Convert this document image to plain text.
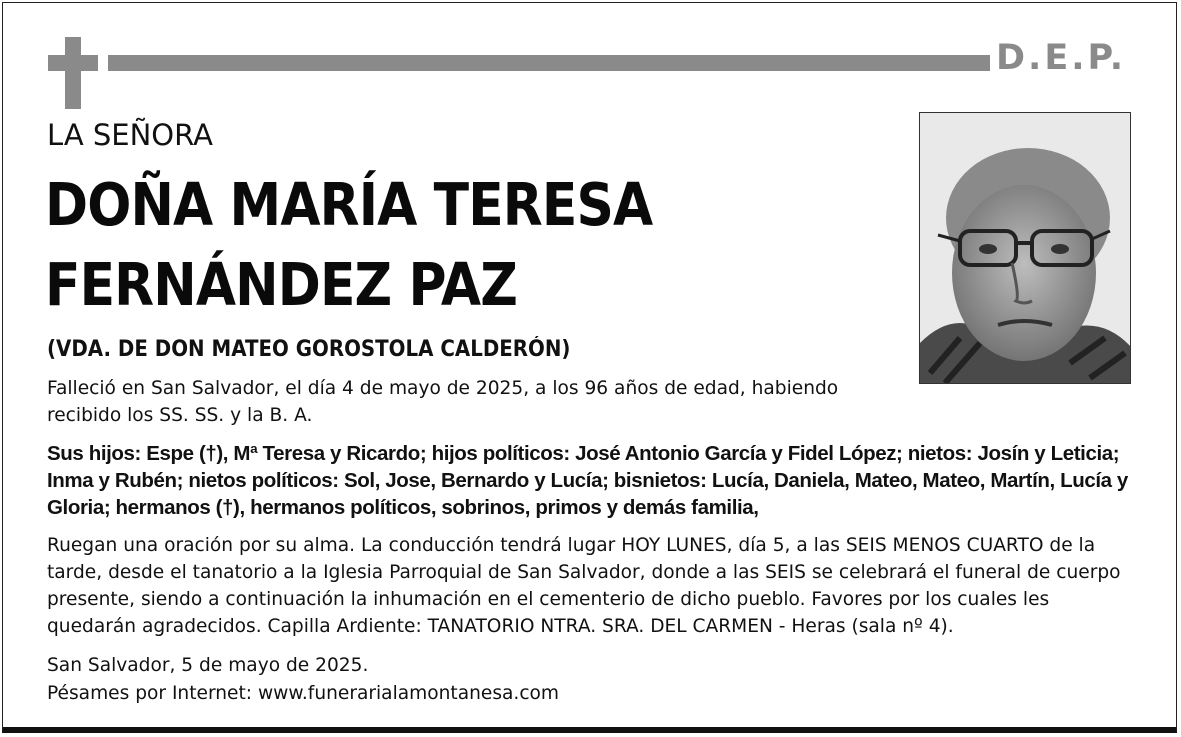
D.E.P.
LA SEÑORA
DOÑA MARÍA TERESA
FERNÁNDEZ PAZ
(VDA. DE DON MATEO GOROSTOLA CALDERÓN)

Falleció en San Salvador, el día 4 de mayo de 2025, a los 96 años de edad, habiendo recibido los SS. SS. y la B. A.

Sus hijos: Espe (†), Mª Teresa y Ricardo; hijos políticos: José Antonio García y Fidel López; nietos: Josín y Leticia; Inma y Rubén; nietos políticos: Sol, Jose, Bernardo y Lucía; bisnietos: Lucía, Daniela, Mateo, Mateo, Martín, Lucía y Gloria; hermanos (†), hermanos políticos, sobrinos, primos y demás familia,

Ruegan una oración por su alma. La conducción tendrá lugar HOY LUNES, día 5, a las SEIS MENOS CUARTO de la tarde, desde el tanatorio a la Iglesia Parroquial de San Salvador, donde a las SEIS se celebrará el funeral de cuerpo presente, siendo a continuación la inhumación en el cementerio de dicho pueblo. Favores por los cuales les quedarán agradecidos. Capilla Ardiente: TANATORIO NTRA. SRA. DEL CARMEN - Heras (sala nº 4).

San Salvador, 5 de mayo de 2025.

Pésames por Internet: www.funerarialamontanesa.com
